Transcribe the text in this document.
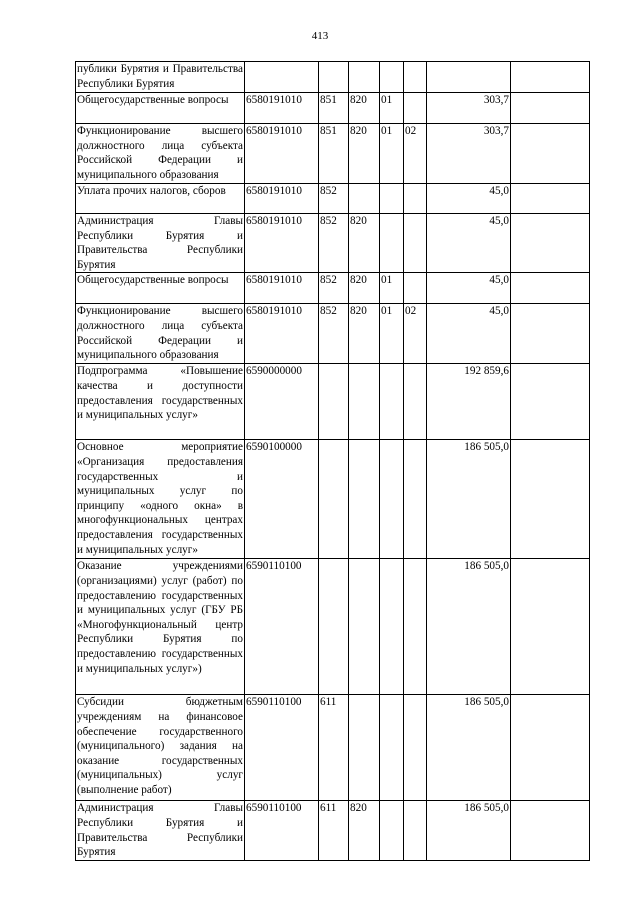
413
публики Бурятия и Правительства Республики Бурятия							
Общегосударственные вопросы	6580191010	851	820	01		303,7	
Функционирование высшего должностного лица субъекта Российской Федерации и муниципального образования	6580191010	851	820	01	02	303,7	
Уплата прочих налогов, сборов	6580191010	852				45,0	
Администрация Главы Республики Бурятия и Правительства Республики Бурятия	6580191010	852	820			45,0	
Общегосударственные вопросы	6580191010	852	820	01		45,0	
Функционирование высшего должностного лица субъекта Российской Федерации и муниципального образования	6580191010	852	820	01	02	45,0	
Подпрограмма «Повышение качества и доступности предоставления государственных и муниципальных услуг»	6590000000					192 859,6	
Основное мероприятие «Организация предоставления государственных и муниципальных услуг по принципу «одного окна» в многофункциональных центрах предоставления государственных и муниципальных услуг»	6590100000					186 505,0	
Оказание учреждениями (организациями) услуг (работ) по предоставлению государственных и муниципальных услуг (ГБУ РБ «Многофункциональный центр Республики Бурятия по предоставлению государственных и муниципальных услуг»)	6590110100					186 505,0	
Субсидии бюджетным учреждениям на финансовое обеспечение государственного (муниципального) задания на оказание государственных (муниципальных) услуг (выполнение работ)	6590110100	611				186 505,0	
Администрация Главы Республики Бурятия и Правительства Республики Бурятия	6590110100	611	820			186 505,0	
